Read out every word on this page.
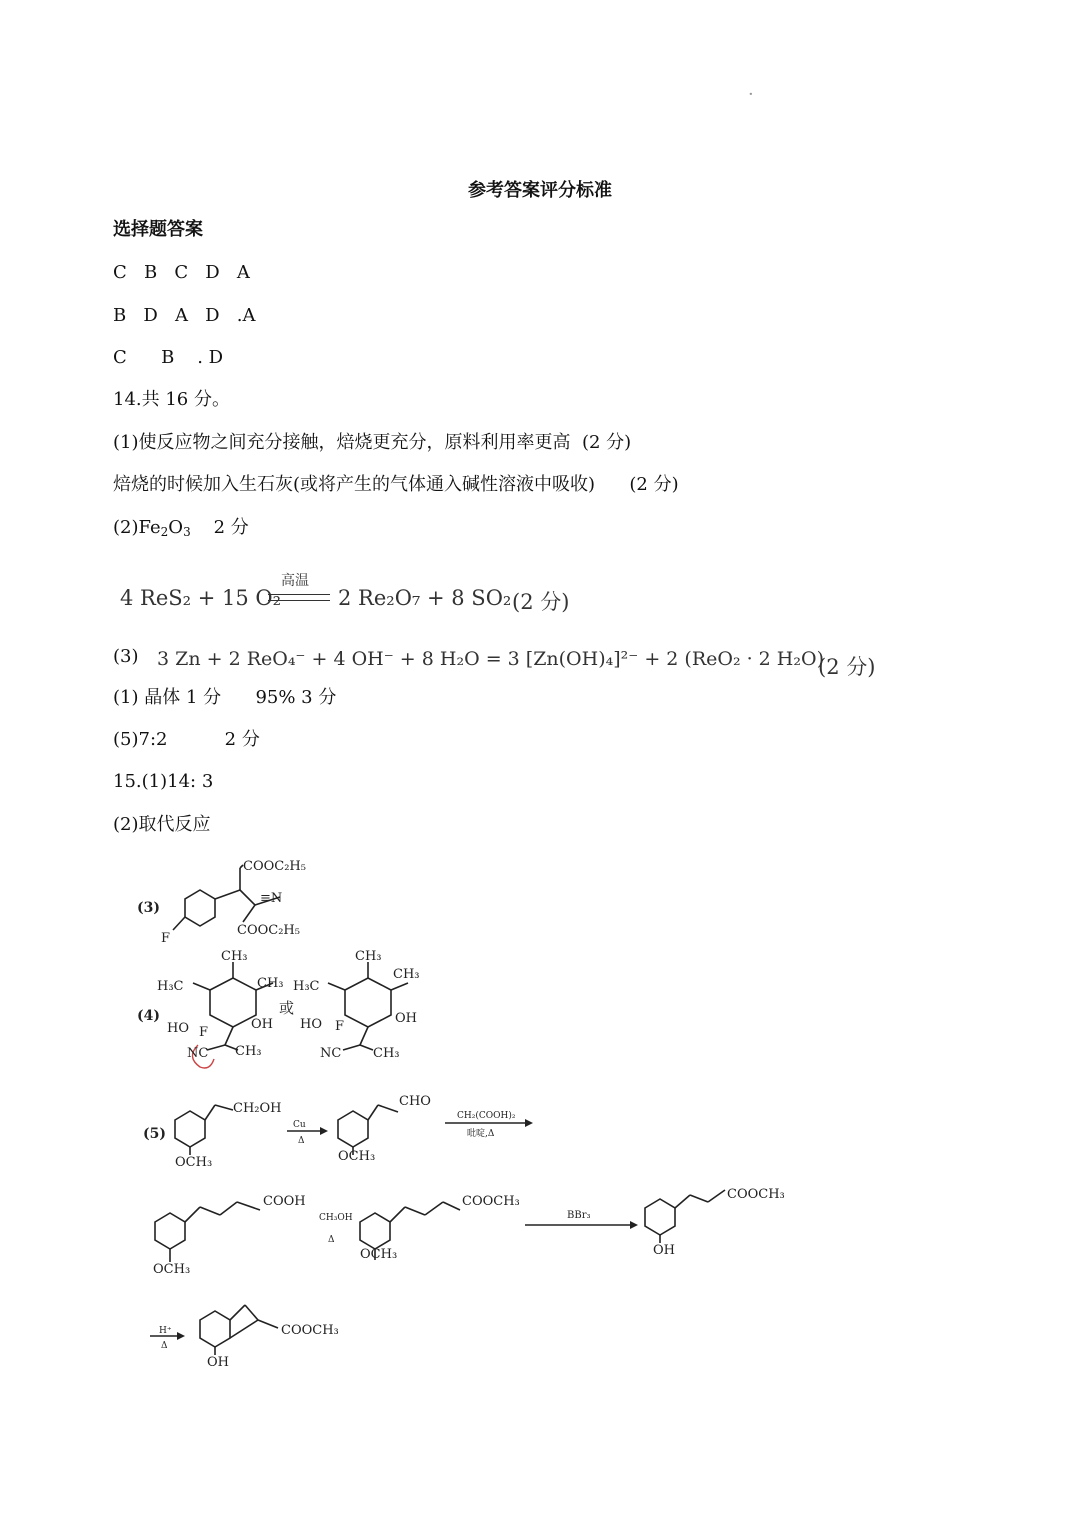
·
参考答案评分标准
选择题答案
C   B   C   D   A
B   D   A   D   .A
C      B    . D
14.共 16 分。
(1)使反应物之间充分接触，焙烧更充分，原料利用率更高  (2 分)
焙烧的时候加入生石灰(或将产生的气体通入碱性溶液中吸收)      (2 分)
$(2)Fe_2O_3$ 2 分
4 ReS₂ + 15 O₂
高温
2 Re₂O₇ + 8 SO₂ (2 分)
(3) 3 Zn + 2 ReO₄⁻ + 4 OH⁻ + 8 H₂O = 3 [Zn(OH)₄]²⁻ + 2 (ReO₂ · 2 H₂O)
(2 分)
(1) 晶体 1 分      95% 3 分
(5)7:2          2 分
15.(1)14: 3
(2)取代反应
(3)
(4)
(5)
COOC₂H₅
≡N
COOC₂H₅
F
H₃C
CH₃
CH₃
HO	OH
F
NC CH₃
或
H₃C
CH₃
CH₃
HO	OH
F
NC CH₃
CH₂OH
OCH₃
Cu
Δ
CHO
OCH₃
CH₂(COOH)₂
吡啶,Δ
COOH
OCH₃
CH₃OH
Δ
COOCH₃
OCH₃
BBr₃
COOCH₃
OH
H⁺
Δ
COOCH₃
OH
